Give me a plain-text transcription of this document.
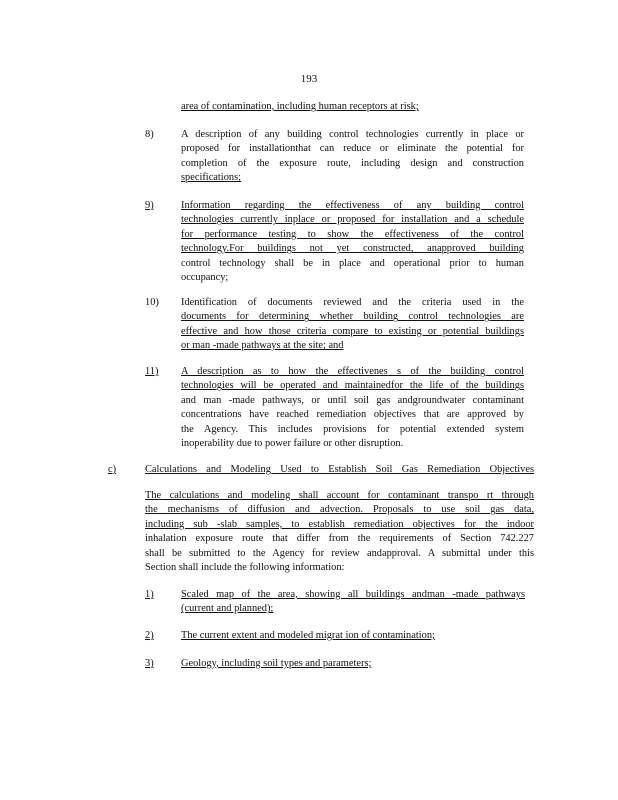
193
area of contamination, including human receptors at risk;
8)	A description of any building control technologies currently in place or
proposed for installationthat can reduce or eliminate the potential for
completion of the exposure route, including design and construction
specifications;
9)	Information regarding the effectiveness of any building control
technologies currently inplace or proposed for installation and a schedule
for performance testing to show the effectiveness of the control
technology.For buildings not yet constructed, anapproved building
control technology shall be in place and operational prior to human
occupancy;
10) Identification of documents reviewed and the criteria used in the
documents for determining whether building control technologies are
effective and how those criteria compare to existing or potential buildings
or man -made pathways at the site; and
11) A description as to how the effectivenes s of the building control
technologies will be operated and maintainedfor the life of the buildings
and man -made pathways, or until soil gas andgroundwater contaminant
concentrations have reached remediation objectives that are approved by
the Agency. This includes provisions for potential extended system
inoperability due to power failure or other disruption.
c)	Calculations and Modeling Used to Establish Soil Gas Remediation Objectives
The calculations and modeling shall account for contaminant transpo rt through
the mechanisms of diffusion and advection. Proposals to use soil gas data,
including sub -slab samples, to establish remediation objectives for the indoor
inhalation exposure route that differ from the requirements of Section 742.227
shall be submitted to the Agency for review andapproval. A submittal under this
Section shall include the following information:
1)	Scaled map of the area, showing all buildings andman -made pathways
(current and planned);
2)	The current extent and modeled migrat ion of contamination;
3)	Geology, including soil types and parameters;
